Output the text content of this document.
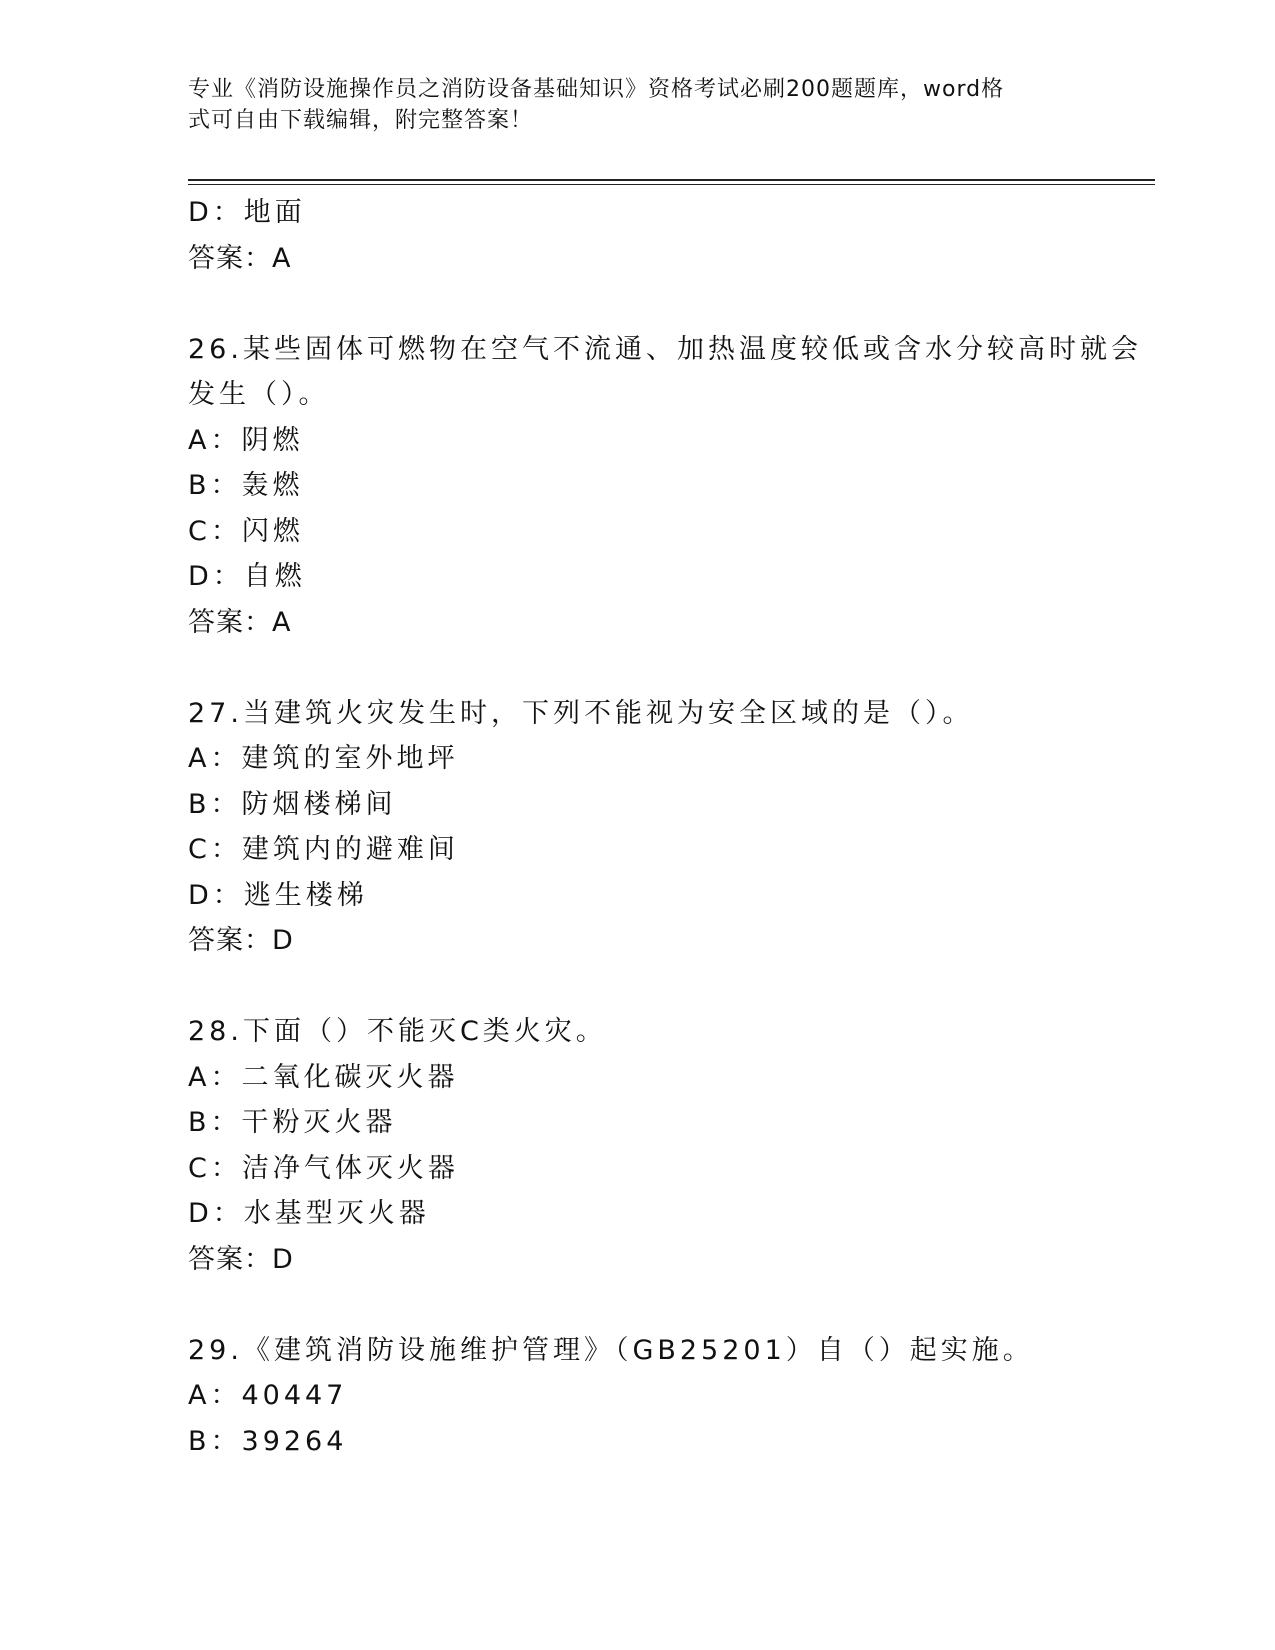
专业《消防设施操作员之消防设备基础知识》资格考试必刷200题题库，word格
式可自由下载编辑，附完整答案！
D：地面
答案：A
26.某些固体可燃物在空气不流通、加热温度较低或含水分较高时就会
发生（）。
A：阴燃
B：轰燃
C：闪燃
D：自燃
答案：A
27.当建筑火灾发生时，下列不能视为安全区域的是（）。
A：建筑的室外地坪
B：防烟楼梯间
C：建筑内的避难间
D：逃生楼梯
答案：D
28.下面（）不能灭C类火灾。
A：二氧化碳灭火器
B：干粉灭火器
C：洁净气体灭火器
D：水基型灭火器
答案：D
29.《建筑消防设施维护管理》（GB25201）自（）起实施。
A：40447
B：39264
